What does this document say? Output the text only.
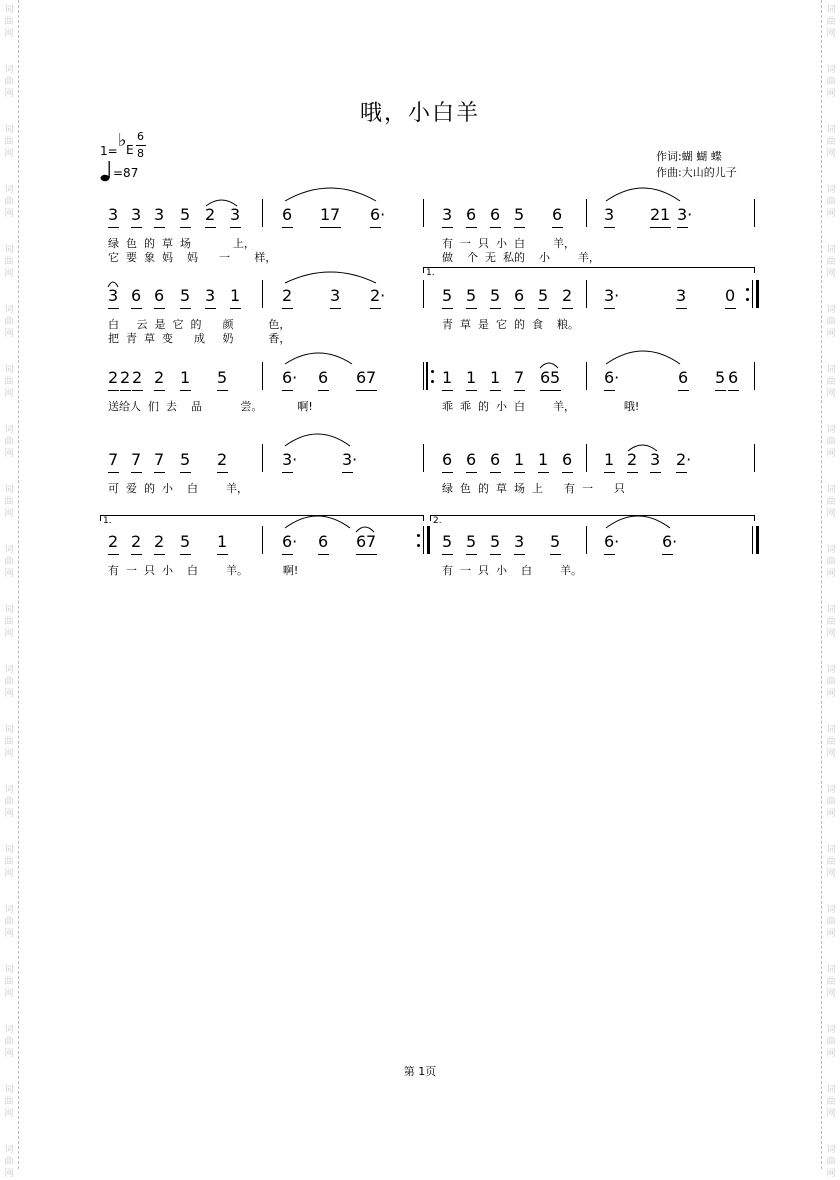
词
曲
网
词
曲
网
词
曲
网
词
曲
网
词
曲
网
词
曲
网
词
曲
网
词
曲
网
词
曲
网
词
曲
网
词
曲
网
词
曲
网
词
曲
网
词
曲
网
词
曲
网
词
曲
网
词
曲
网
词
曲
网
词
曲
网
词
曲
网
词
曲
网
词
曲
网
词
曲
网
词
曲
网
词
曲
网
词
曲
网
词
曲
网
词
曲
网
词
曲
网
词
曲
网
词
曲
网
词
曲
网
词
曲
网
词
曲
网
词
曲
网
词
曲
网
词
曲
网
词
曲
网
词
曲
网
词
曲
网
哦，小白羊
1= ♭ E
6
8
=87
作词:蝴 蝴 蝶
作曲:大山的儿子
3 3 3 5 2 3	6 1 7 6·	3 6 6 5 6	3 2 1 3·
绿  色  的  草  场            上，	有  一  只  小  白        羊，
它  要  象  妈    妈      一       样，	做    个  无  私的    小        羊，
3 6 6 5 3 1	2 3 2·	5 5 5 6 5 2 3·	3 0
白     云  是  它  的      颜          色，	青  草  是  它  的  食    粮。
把  青  草  变      成     奶          香，
2 2 2 2 1 5	6· 6 6 7	1 1 1 7 6 5	6·	6 5 6
送给人  们  去    品           尝。          啊!	乖  乖  的  小  白        羊，              哦!
7 7 7 5 2	3·	3·	6 6 6 1 1 6 1 2 3 2·
可  爱  的  小    白        羊，	绿  色  的  草  场  上      有  一      只
2 2 2 5 1	6· 6 6 7	5 5 5 3 5	6·	6·
有  一  只  小    白        羊。          啊!	有  一  只  小    白        羊。
1.
1.	2.
第 1页
